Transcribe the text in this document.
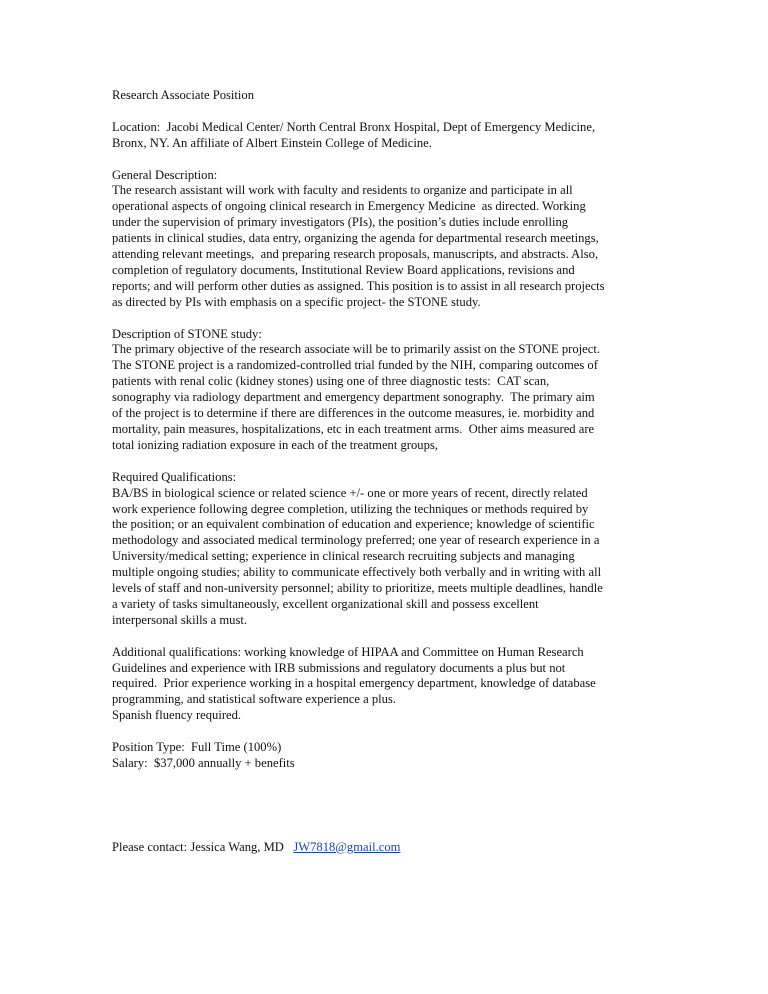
Research Associate Position
Location:  Jacobi Medical Center/ North Central Bronx Hospital, Dept of Emergency Medicine,
Bronx, NY. An affiliate of Albert Einstein College of Medicine.
General Description:
The research assistant will work with faculty and residents to organize and participate in all
operational aspects of ongoing clinical research in Emergency Medicine  as directed. Working
under the supervision of primary investigators (PIs), the position’s duties include enrolling
patients in clinical studies, data entry, organizing the agenda for departmental research meetings,
attending relevant meetings,  and preparing research proposals, manuscripts, and abstracts. Also,
completion of regulatory documents, Institutional Review Board applications, revisions and
reports; and will perform other duties as assigned. This position is to assist in all research projects
as directed by PIs with emphasis on a specific project- the STONE study.
Description of STONE study:
The primary objective of the research associate will be to primarily assist on the STONE project.
The STONE project is a randomized-controlled trial funded by the NIH, comparing outcomes of
patients with renal colic (kidney stones) using one of three diagnostic tests:  CAT scan,
sonography via radiology department and emergency department sonography.  The primary aim
of the project is to determine if there are differences in the outcome measures, ie. morbidity and
mortality, pain measures, hospitalizations, etc in each treatment arms.  Other aims measured are
total ionizing radiation exposure in each of the treatment groups,
Required Qualifications:
BA/BS in biological science or related science +/- one or more years of recent, directly related
work experience following degree completion, utilizing the techniques or methods required by
the position; or an equivalent combination of education and experience; knowledge of scientific
methodology and associated medical terminology preferred; one year of research experience in a
University/medical setting; experience in clinical research recruiting subjects and managing
multiple ongoing studies; ability to communicate effectively both verbally and in writing with all
levels of staff and non-university personnel; ability to prioritize, meets multiple deadlines, handle
a variety of tasks simultaneously, excellent organizational skill and possess excellent
interpersonal skills a must.
Additional qualifications: working knowledge of HIPAA and Committee on Human Research
Guidelines and experience with IRB submissions and regulatory documents a plus but not
required.  Prior experience working in a hospital emergency department, knowledge of database
programming, and statistical software experience a plus.
Spanish fluency required.
Position Type:  Full Time (100%)
Salary:  $37,000 annually + benefits
Please contact: Jessica Wang, MD   JW7818@gmail.com
